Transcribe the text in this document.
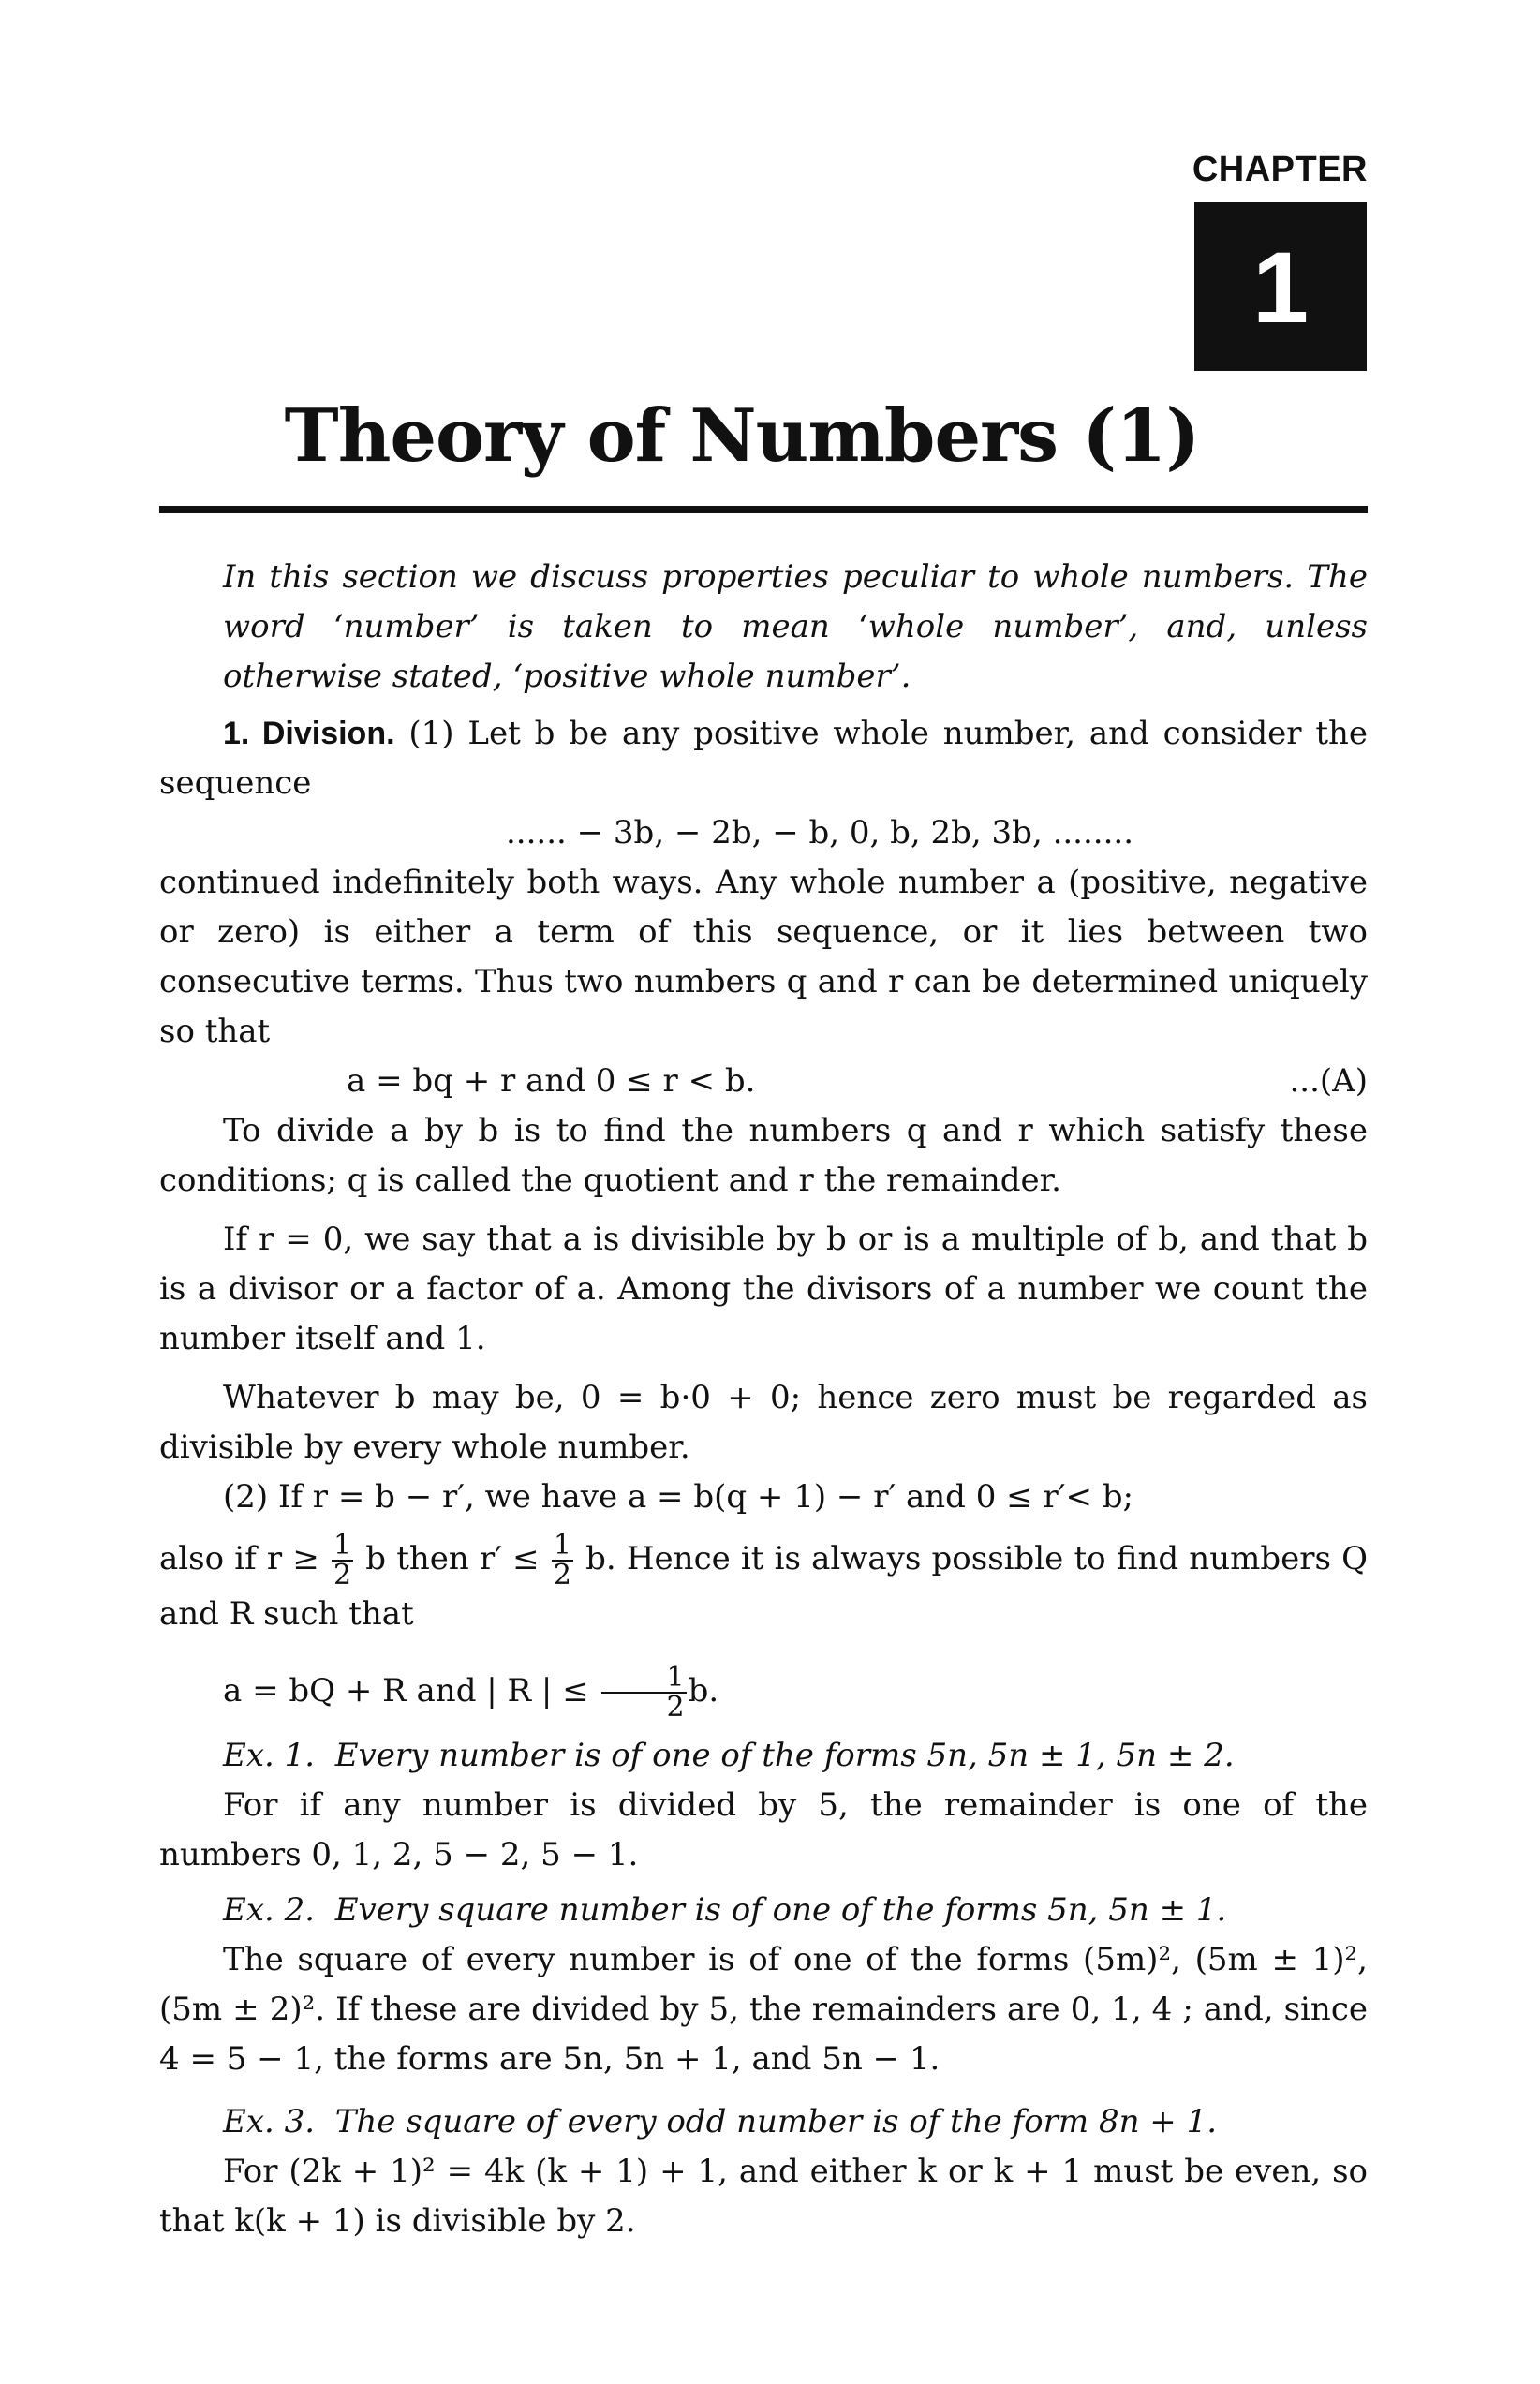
CHAPTER
1
Theory of Numbers (1)

In this section we discuss properties peculiar to whole numbers. The word ‘number’ is taken to mean ‘whole number’, and, unless otherwise stated, ‘positive whole number’.

1. Division. (1) Let b be any positive whole number, and consider the sequence

...... − 3b, − 2b, − b, 0, b, 2b, 3b, ........

continued indefinitely both ways. Any whole number a (positive, negative or zero) is either a term of this sequence, or it lies between two consecutive terms. Thus two numbers q and r can be determined uniquely so that

a = bq + r and 0 ≤ r < b.	...(A)

To divide a by b is to find the numbers q and r which satisfy these conditions; q is called the quotient and r the remainder.

If r = 0, we say that a is divisible by b or is a multiple of b, and that b is a divisor or a factor of a. Among the divisors of a number we count the number itself and 1.

Whatever b may be, 0 = b·0 + 0; hence zero must be regarded as divisible by every whole number.

(2) If r = b − r′, we have a = b(q + 1) − r′ and 0 ≤ r′< b;

also if $r \ge \frac{1}{2}$ b then $r' \le \frac{1}{2} b$. Hence it is always possible to find numbers Q and R such that

a = bQ + R and | R | ≤ $\frac{1}{2} b$.

Ex. 1. Every number is of one of the forms 5n, 5n ± 1, 5n ± 2.

For if any number is divided by 5, the remainder is one of the numbers 0, 1, 2, 5 − 2, 5 − 1.

Ex. 2. Every square number is of one of the forms 5n, 5n ± 1.

The square of every number is of one of the forms (5m)², (5m ± 1)², (5m ± 2)². If these are divided by 5, the remainders are 0, 1, 4 ; and, since 4 = 5 − 1, the forms are 5n, 5n + 1, and 5n − 1.

Ex. 3. The square of every odd number is of the form 8n + 1.

For (2k + 1)² = 4k (k + 1) + 1, and either k or k + 1 must be even, so that k(k + 1) is divisible by 2.
